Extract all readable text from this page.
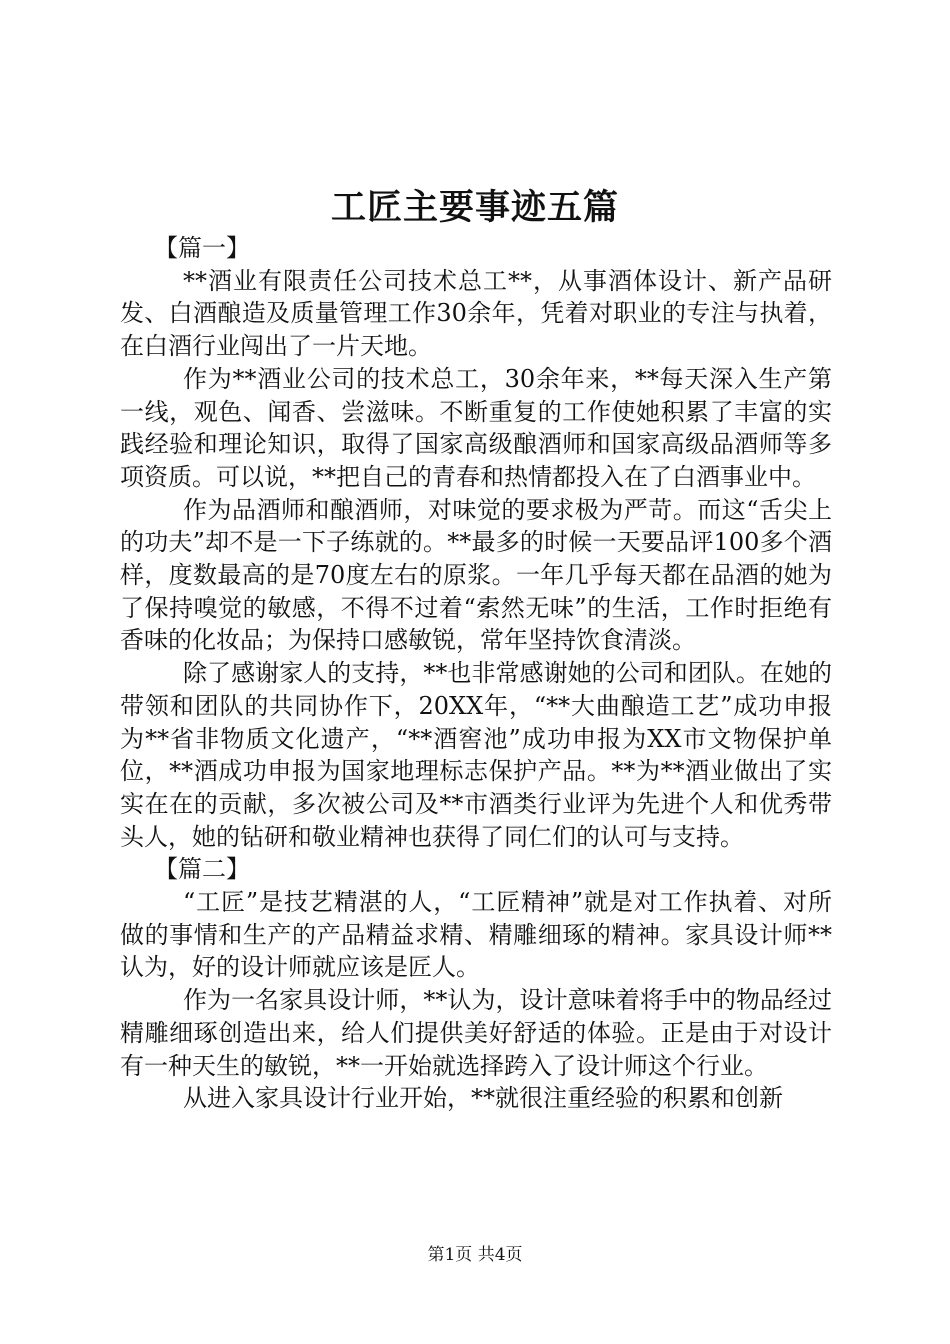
工匠主要事迹五篇

【篇一】

**酒业有限责任公司技术总工**，从事酒体设计、新产品研发、白酒酿造及质量管理工作30余年，凭着对职业的专注与执着，在白酒行业闯出了一片天地。

作为**酒业公司的技术总工，30余年来，**每天深入生产第一线，观色、闻香、尝滋味。不断重复的工作使她积累了丰富的实践经验和理论知识，取得了国家高级酿酒师和国家高级品酒师等多项资质。可以说，**把自己的青春和热情都投入在了白酒事业中。

作为品酒师和酿酒师，对味觉的要求极为严苛。而这“舌尖上的功夫”却不是一下子练就的。**最多的时候一天要品评100多个酒样，度数最高的是70度左右的原浆。一年几乎每天都在品酒的她为了保持嗅觉的敏感，不得不过着“索然无味”的生活，工作时拒绝有香味的化妆品；为保持口感敏锐，常年坚持饮食清淡。

除了感谢家人的支持，**也非常感谢她的公司和团队。在她的带领和团队的共同协作下，20XX年，“**大曲酿造工艺”成功申报为**省非物质文化遗产，“**酒窖池”成功申报为XX市文物保护单位，**酒成功申报为国家地理标志保护产品。**为**酒业做出了实实在在的贡献，多次被公司及**市酒类行业评为先进个人和优秀带头人，她的钻研和敬业精神也获得了同仁们的认可与支持。

【篇二】

“工匠”是技艺精湛的人，“工匠精神”就是对工作执着、对所做的事情和生产的产品精益求精、精雕细琢的精神。家具设计师**认为，好的设计师就应该是匠人。

作为一名家具设计师，**认为，设计意味着将手中的物品经过精雕细琢创造出来，给人们提供美好舒适的体验。正是由于对设计有一种天生的敏锐，**一开始就选择跨入了设计师这个行业。

从进入家具设计行业开始，**就很注重经验的积累和创新

第1页 共4页
